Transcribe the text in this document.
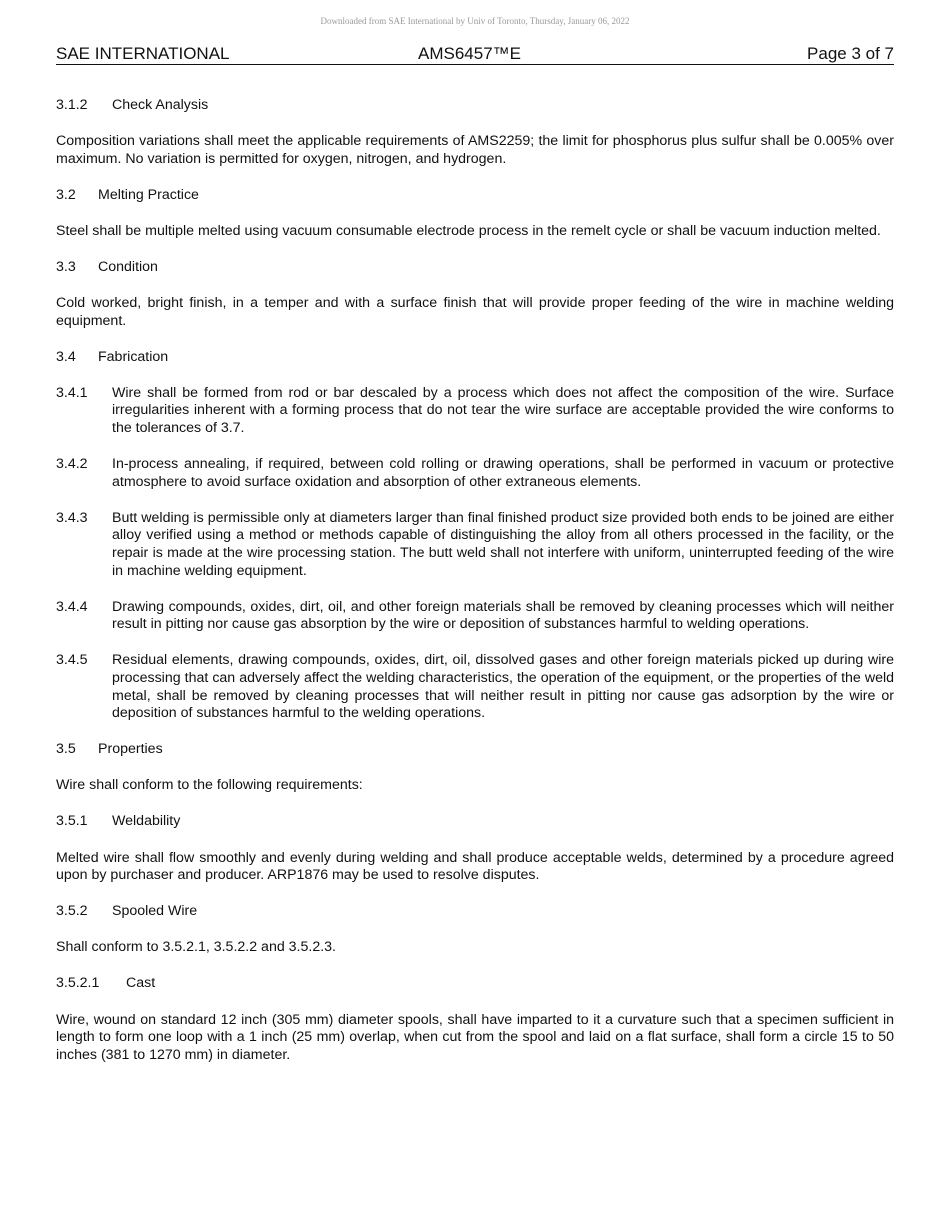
Downloaded from SAE International by Univ of Toronto, Thursday, January 06, 2022
SAE INTERNATIONAL	AMS6457™E	Page 3 of 7
3.1.2 Check Analysis

Composition variations shall meet the applicable requirements of AMS2259; the limit for phosphorus plus sulfur shall be 0.005% over maximum. No variation is permitted for oxygen, nitrogen, and hydrogen.

3.2 Melting Practice

Steel shall be multiple melted using vacuum consumable electrode process in the remelt cycle or shall be vacuum induction melted.

3.3 Condition

Cold worked, bright finish, in a temper and with a surface finish that will provide proper feeding of the wire in machine welding equipment.

3.4 Fabrication
3.4.1 Wire shall be formed from rod or bar descaled by a process which does not affect the composition of the wire. Surface irregularities inherent with a forming process that do not tear the wire surface are acceptable provided the wire conforms to the tolerances of 3.7.
3.4.2 In-process annealing, if required, between cold rolling or drawing operations, shall be performed in vacuum or protective atmosphere to avoid surface oxidation and absorption of other extraneous elements.
3.4.3 Butt welding is permissible only at diameters larger than final finished product size provided both ends to be joined are either alloy verified using a method or methods capable of distinguishing the alloy from all others processed in the facility, or the repair is made at the wire processing station. The butt weld shall not interfere with uniform, uninterrupted feeding of the wire in machine welding equipment.
3.4.4 Drawing compounds, oxides, dirt, oil, and other foreign materials shall be removed by cleaning processes which will neither result in pitting nor cause gas absorption by the wire or deposition of substances harmful to welding operations.
3.4.5 Residual elements, drawing compounds, oxides, dirt, oil, dissolved gases and other foreign materials picked up during wire processing that can adversely affect the welding characteristics, the operation of the equipment, or the properties of the weld metal, shall be removed by cleaning processes that will neither result in pitting nor cause gas adsorption by the wire or deposition of substances harmful to the welding operations.
3.5 Properties

Wire shall conform to the following requirements:

3.5.1 Weldability

Melted wire shall flow smoothly and evenly during welding and shall produce acceptable welds, determined by a procedure agreed upon by purchaser and producer. ARP1876 may be used to resolve disputes.

3.5.2 Spooled Wire

Shall conform to 3.5.2.1, 3.5.2.2 and 3.5.2.3.

3.5.2.1 Cast

Wire, wound on standard 12 inch (305 mm) diameter spools, shall have imparted to it a curvature such that a specimen sufficient in length to form one loop with a 1 inch (25 mm) overlap, when cut from the spool and laid on a flat surface, shall form a circle 15 to 50 inches (381 to 1270 mm) in diameter.
